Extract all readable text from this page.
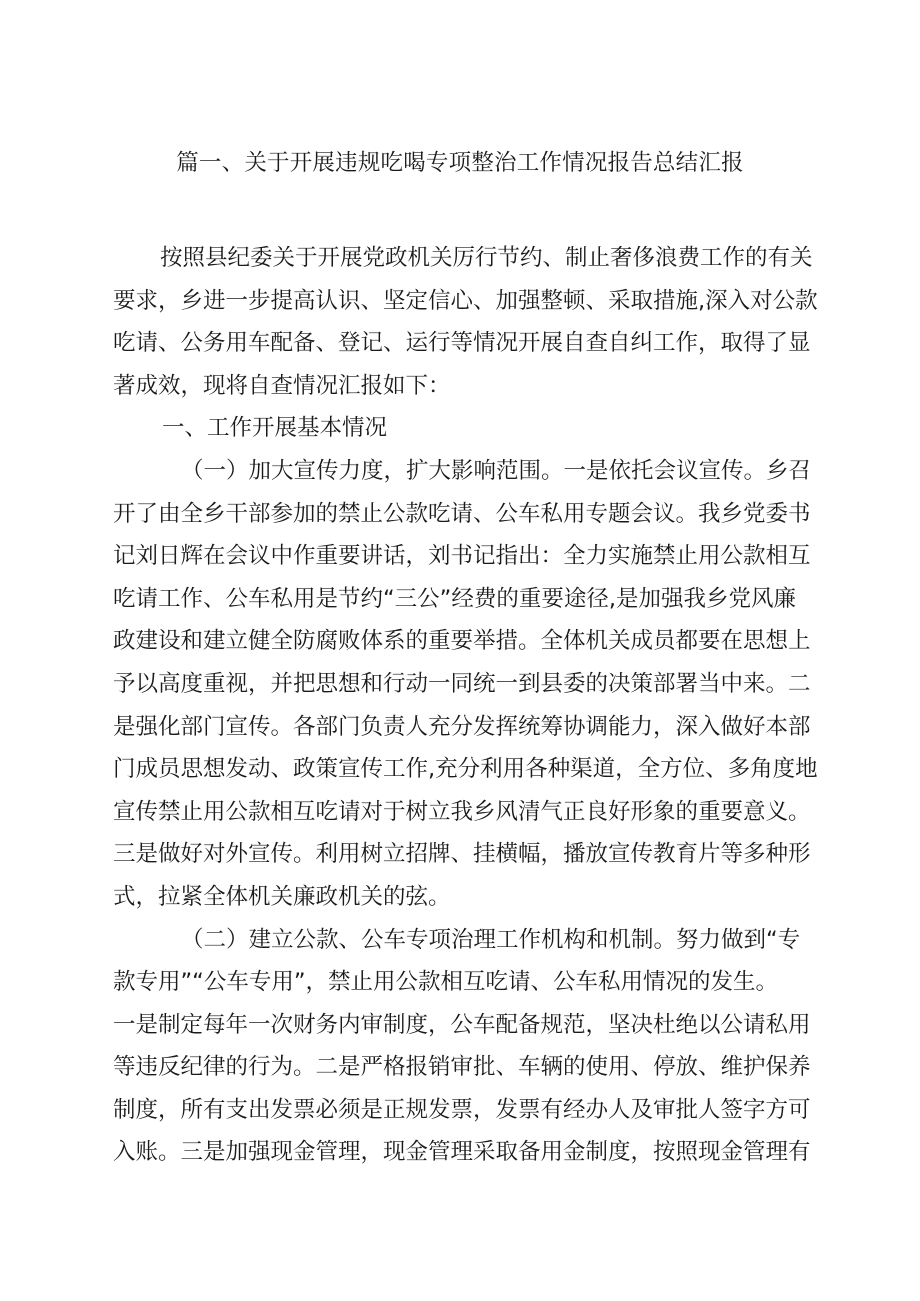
篇一、关于开展违规吃喝专项整治工作情况报告总结汇报
按照县纪委关于开展党政机关厉行节约、制止奢侈浪费工作的有关
要求，乡进一步提高认识、坚定信心、加强整顿、采取措施,深入对公款
吃请、公务用车配备、登记、运行等情况开展自查自纠工作，取得了显
著成效，现将自查情况汇报如下：
一、工作开展基本情况
（一）加大宣传力度，扩大影响范围。一是依托会议宣传。乡召
开了由全乡干部参加的禁止公款吃请、公车私用专题会议。我乡党委书
记刘日辉在会议中作重要讲话，刘书记指出：全力实施禁止用公款相互
吃请工作、公车私用是节约“三公”经费的重要途径,是加强我乡党风廉
政建设和建立健全防腐败体系的重要举措。全体机关成员都要在思想上
予以高度重视，并把思想和行动一同统一到县委的决策部署当中来。二
是强化部门宣传。各部门负责人充分发挥统筹协调能力，深入做好本部
门成员思想发动、政策宣传工作,充分利用各种渠道，全方位、多角度地
宣传禁止用公款相互吃请对于树立我乡风清气正良好形象的重要意义。
三是做好对外宣传。利用树立招牌、挂横幅，播放宣传教育片等多种形
式，拉紧全体机关廉政机关的弦。
（二）建立公款、公车专项治理工作机构和机制。努力做到“专
款专用”“公车专用”，禁止用公款相互吃请、公车私用情况的发生。
一是制定每年一次财务内审制度，公车配备规范，坚决杜绝以公请私用
等违反纪律的行为。二是严格报销审批、车辆的使用、停放、维护保养
制度，所有支出发票必须是正规发票，发票有经办人及审批人签字方可
入账。三是加强现金管理，现金管理采取备用金制度，按照现金管理有
